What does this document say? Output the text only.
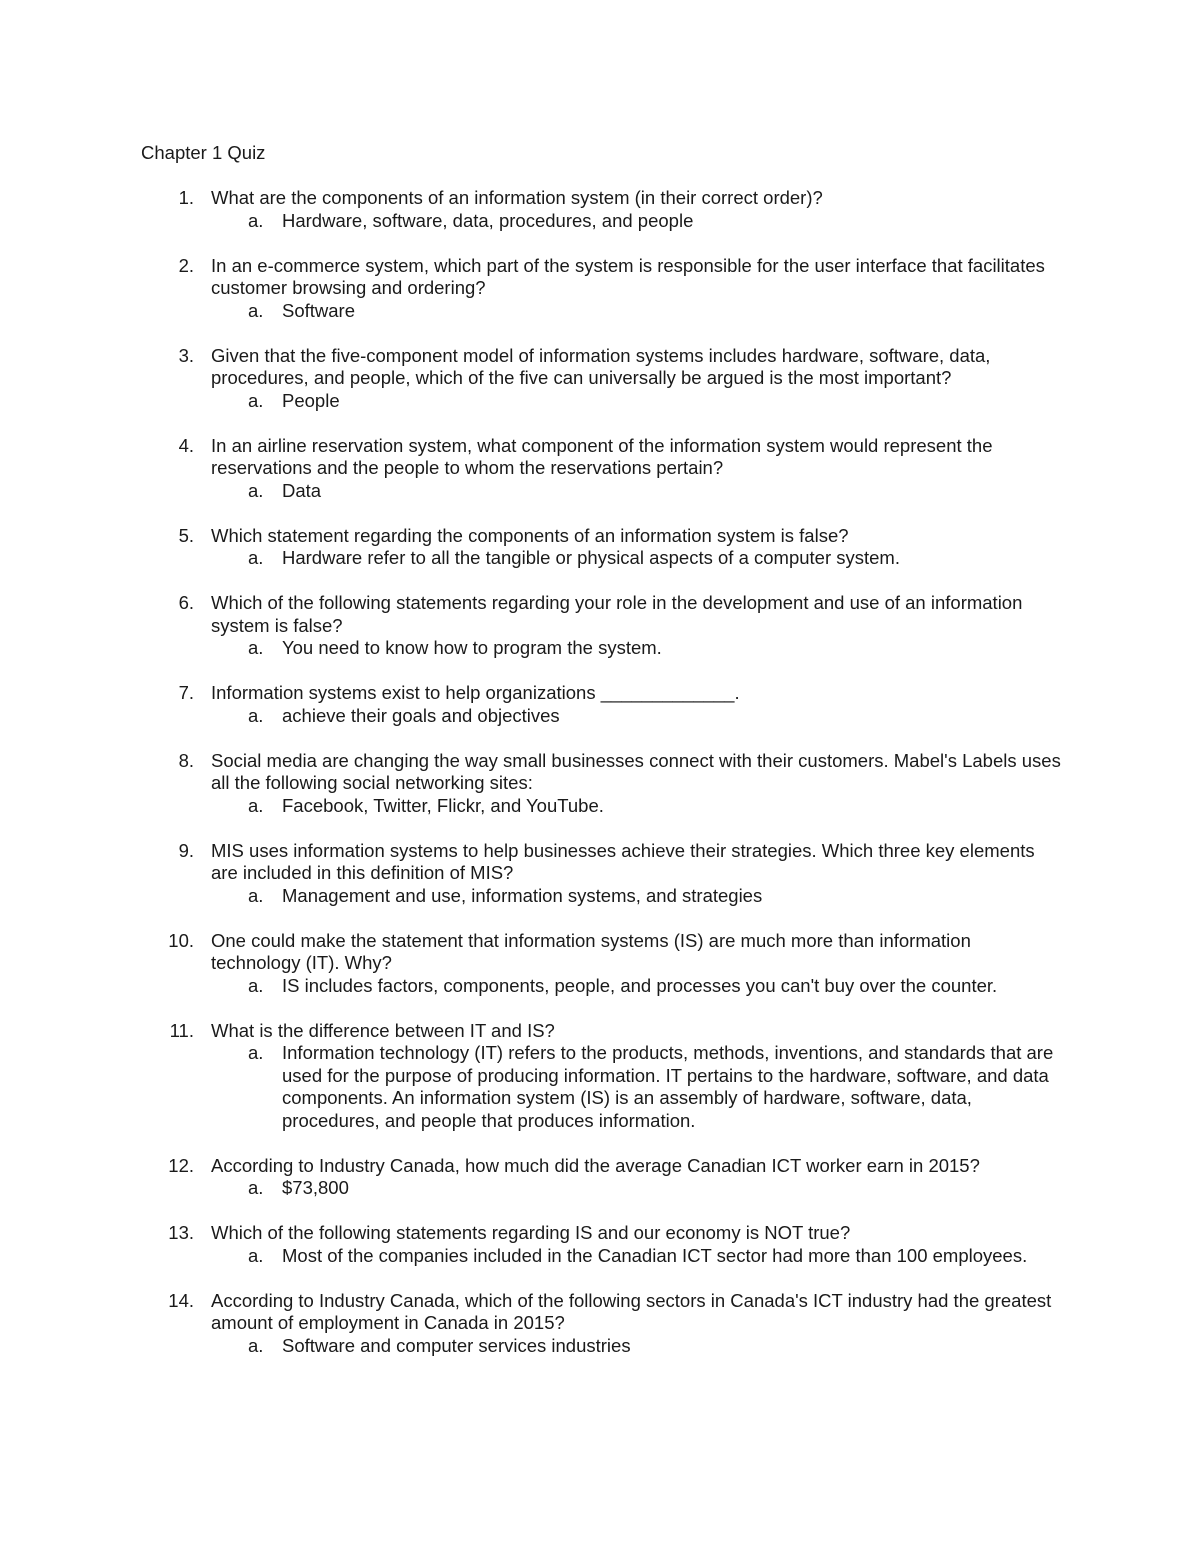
Chapter 1 Quiz
1. What are the components of an information system (in their correct order)?
a. Hardware, software, data, procedures, and people
2. In an e-commerce system, which part of the system is responsible for the user interface that facilitates customer browsing and ordering?
a. Software
3. Given that the five-component model of information systems includes hardware, software, data, procedures, and people, which of the five can universally be argued is the most important?
a. People
4. In an airline reservation system, what component of the information system would represent the reservations and the people to whom the reservations pertain?
a. Data
5. Which statement regarding the components of an information system is false?
a. Hardware refer to all the tangible or physical aspects of a computer system.
6. Which of the following statements regarding your role in the development and use of an information system is false?
a. You need to know how to program the system.
7. Information systems exist to help organizations _____________.
a. achieve their goals and objectives
8. Social media are changing the way small businesses connect with their customers. Mabel's Labels uses all the following social networking sites:
a. Facebook, Twitter, Flickr, and YouTube.
9. MIS uses information systems to help businesses achieve their strategies. Which three key elements are included in this definition of MIS?
a. Management and use, information systems, and strategies
10. One could make the statement that information systems (IS) are much more than information technology (IT). Why?
a. IS includes factors, components, people, and processes you can't buy over the counter.
11. What is the difference between IT and IS?
a. Information technology (IT) refers to the products, methods, inventions, and standards that are used for the purpose of producing information. IT pertains to the hardware, software, and data components. An information system (IS) is an assembly of hardware, software, data, procedures, and people that produces information.
12. According to Industry Canada, how much did the average Canadian ICT worker earn in 2015?
a. $73,800
13. Which of the following statements regarding IS and our economy is NOT true?
a. Most of the companies included in the Canadian ICT sector had more than 100 employees.
14. According to Industry Canada, which of the following sectors in Canada's ICT industry had the greatest amount of employment in Canada in 2015?
a. Software and computer services industries
